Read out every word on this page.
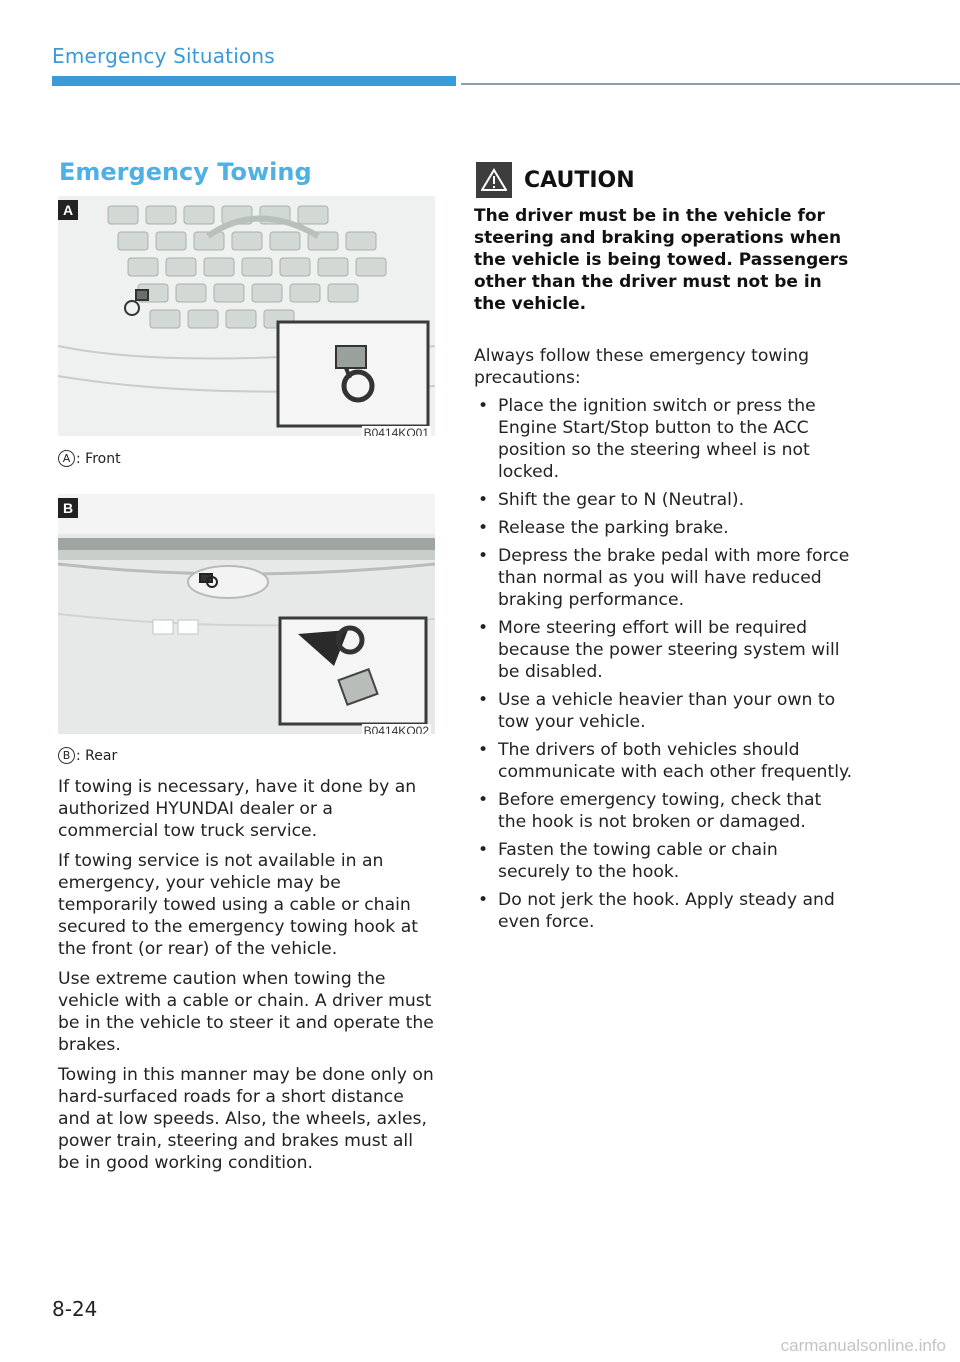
Emergency Situations
Emergency Towing
A
B0414KO01
A : Front
B
B0414KO02
B : Rear

If towing is necessary, have it done by an authorized HYUNDAI dealer or a commercial tow truck service.

If towing service is not available in an emergency, your vehicle may be temporarily towed using a cable or chain secured to the emergency towing hook at the front (or rear) of the vehicle.

Use extreme caution when towing the vehicle with a cable or chain. A driver must be in the vehicle to steer it and operate the brakes.

Towing in this manner may be done only on hard-surfaced roads for a short distance and at low speeds. Also, the wheels, axles, power train, steering and brakes must all be in good working condition.

CAUTION

The driver must be in the vehicle for steering and braking operations when the vehicle is being towed. Passengers other than the driver must not be in the vehicle.

Always follow these emergency towing precautions:

• Place the ignition switch or press the Engine Start/Stop button to the ACC position so the steering wheel is not locked.
• Shift the gear to N (Neutral).
• Release the parking brake.
• Depress the brake pedal with more force than normal as you will have reduced braking performance.
• More steering effort will be required because the power steering system will be disabled.
• Use a vehicle heavier than your own to tow your vehicle.
• The drivers of both vehicles should communicate with each other frequently.
• Before emergency towing, check that the hook is not broken or damaged.
• Fasten the towing cable or chain securely to the hook.
• Do not jerk the hook. Apply steady and even force.
8-24
carmanualsonline.info
